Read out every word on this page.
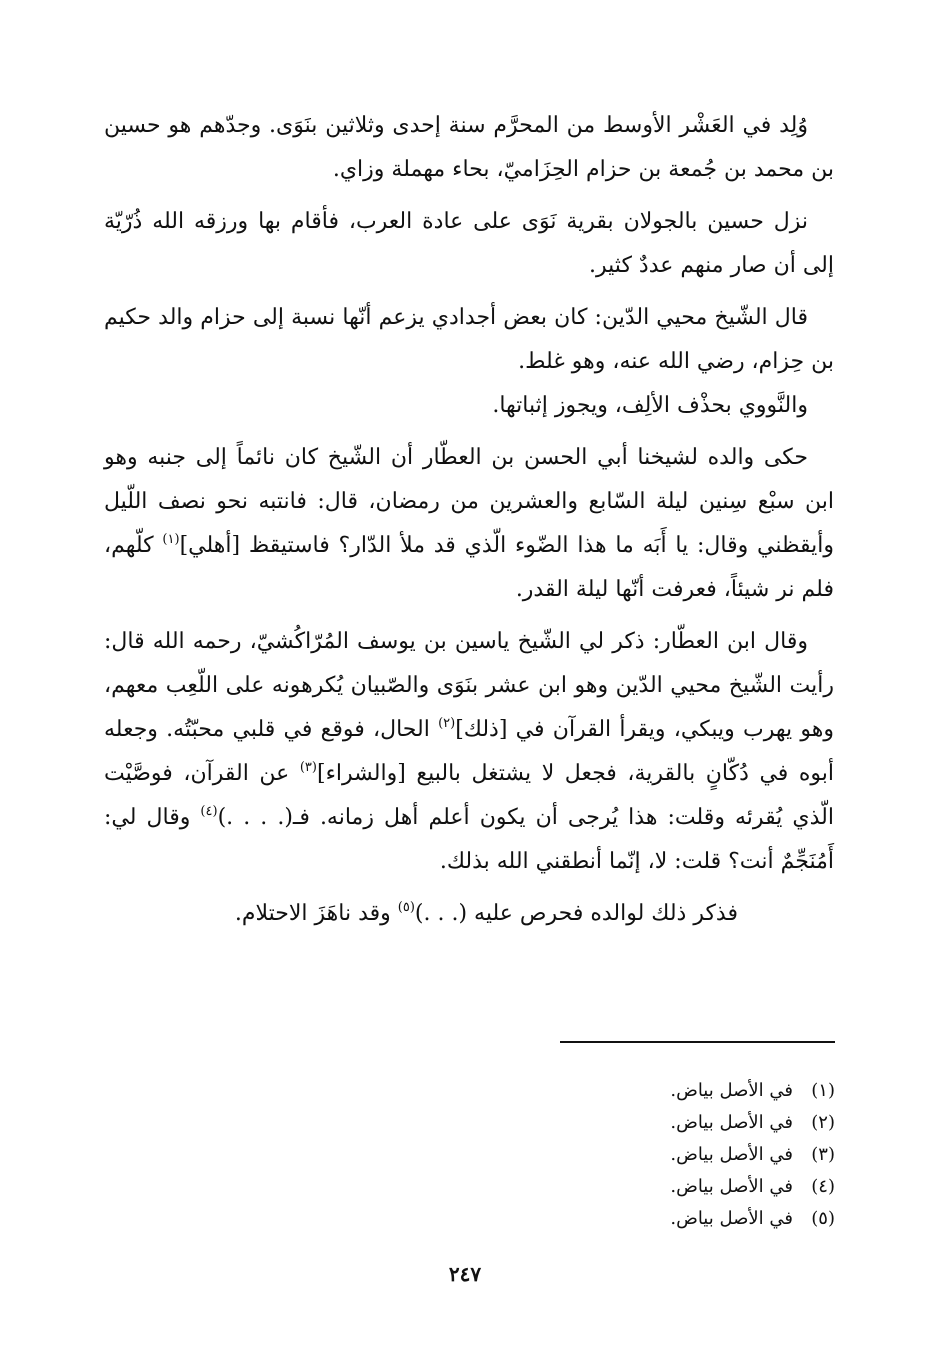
وُلِد في العَشْر الأوسط من المحرَّم سنة إحدى وثلاثين بنَوَى. وجدّهم هو حسين بن محمد بن جُمعة بن حزام الحِزَاميّ، بحاء مهملة وزاي.

نزل حسين بالجولان بقرية نَوَى على عادة العرب، فأقام بها ورزقه الله ذُرّيّة إلى أن صار منهم عددٌ كثير.

قال الشّيخ محيي الدّين: كان بعض أجدادي يزعم أنّها نسبة إلى حزام والد حكيم بن حِزام، رضي الله عنه، وهو غلط.

والنَّووي بحذْف الألِف، ويجوز إثباتها.

حكى والده لشيخنا أبي الحسن بن العطّار أن الشّيخ كان نائماً إلى جنبه وهو ابن سبْع سِنين ليلة السّابع والعشرين من رمضان، قال: فانتبه نحو نصف اللّيل وأيقظني وقال: يا أَبَه ما هذا الضّوء الّذي قد ملأ الدّار؟ فاستيقظ [أهلي]$^{(١)}$ كلّهم، فلم نر شيئاً، فعرفت أنّها ليلة القدر.

وقال ابن العطّار: ذكر لي الشّيخ ياسين بن يوسف المُرّاكُشيّ، رحمه الله قال: رأيت الشّيخ محيي الدّين وهو ابن عشر بنَوَى والصّبيان يُكرهونه على اللّعِب معهم، وهو يهرب ويبكي، ويقرأ القرآن في [ذلك]$^{(٢)}$ الحال، فوقع في قلبي محبّتُه. وجعله أبوه في دُكّانٍ بالقرية، فجعل لا يشتغل بالبيع [والشراء]$^{(٣)}$ عن القرآن، فوصَّيْت الّذي يُقرئه وقلت: هذا يُرجى أن يكون أعلم أهل زمانه. فـ(. . . .)$^{(٤)}$ وقال لي: أَمُنَجِّمٌ أنت؟ قلت: لا، إنّما أنطقني الله بذلك.

فذكر ذلك لوالده فحرص عليه (. . .)$^{(٥)}$ وقد ناهَزَ الاحتلام.

(١)في الأصل بياض.
(٢)في الأصل بياض.
(٣)في الأصل بياض.
(٤)في الأصل بياض.
(٥)في الأصل بياض.
٢٤٧
